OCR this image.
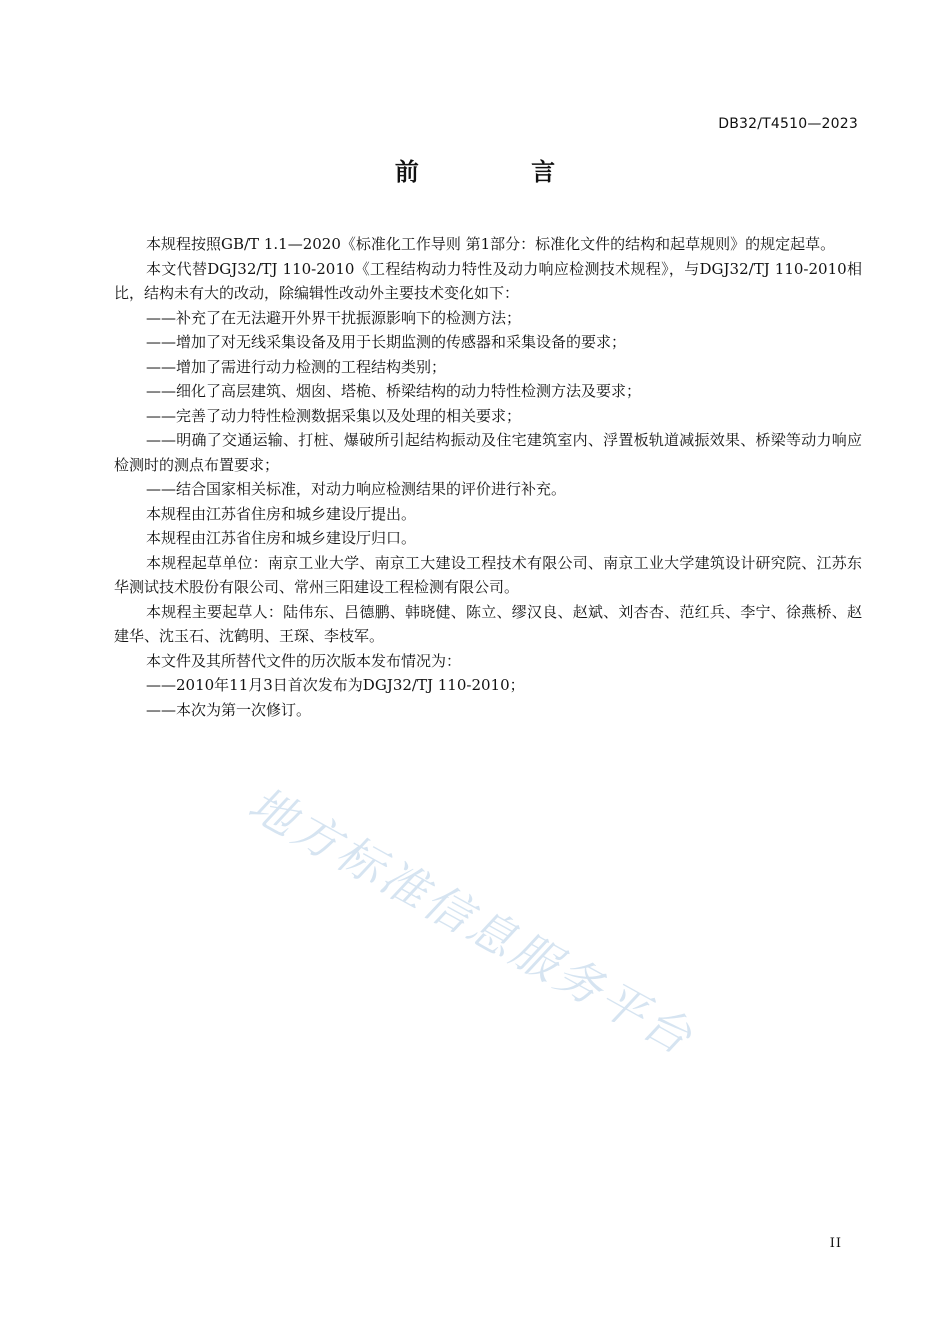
DB32/T4510—2023
前 言

本规程按照GB/T 1.1—2020《标准化工作导则 第1部分：标准化文件的结构和起草规则》的规定起草。

本文代替DGJ32/TJ 110-2010《工程结构动力特性及动力响应检测技术规程》，与DGJ32/TJ 110-2010相比，结构未有大的改动，除编辑性改动外主要技术变化如下：

——补充了在无法避开外界干扰振源影响下的检测方法；

——增加了对无线采集设备及用于长期监测的传感器和采集设备的要求；

——增加了需进行动力检测的工程结构类别；

——细化了高层建筑、烟囱、塔桅、桥梁结构的动力特性检测方法及要求；

——完善了动力特性检测数据采集以及处理的相关要求；

——明确了交通运输、打桩、爆破所引起结构振动及住宅建筑室内、浮置板轨道减振效果、桥梁等动力响应检测时的测点布置要求；

——结合国家相关标准，对动力响应检测结果的评价进行补充。

本规程由江苏省住房和城乡建设厅提出。

本规程由江苏省住房和城乡建设厅归口。

本规程起草单位：南京工业大学、南京工大建设工程技术有限公司、南京工业大学建筑设计研究院、江苏东华测试技术股份有限公司、常州三阳建设工程检测有限公司。

本规程主要起草人：陆伟东、吕德鹏、韩晓健、陈立、缪汉良、赵斌、刘杏杏、范红兵、李宁、徐燕桥、赵建华、沈玉石、沈鹤明、王琛、李枝军。

本文件及其所替代文件的历次版本发布情况为：

——2010年11月3日首次发布为DGJ32/TJ 110-2010；

——本次为第一次修订。

地方标准信息服务平台
II
